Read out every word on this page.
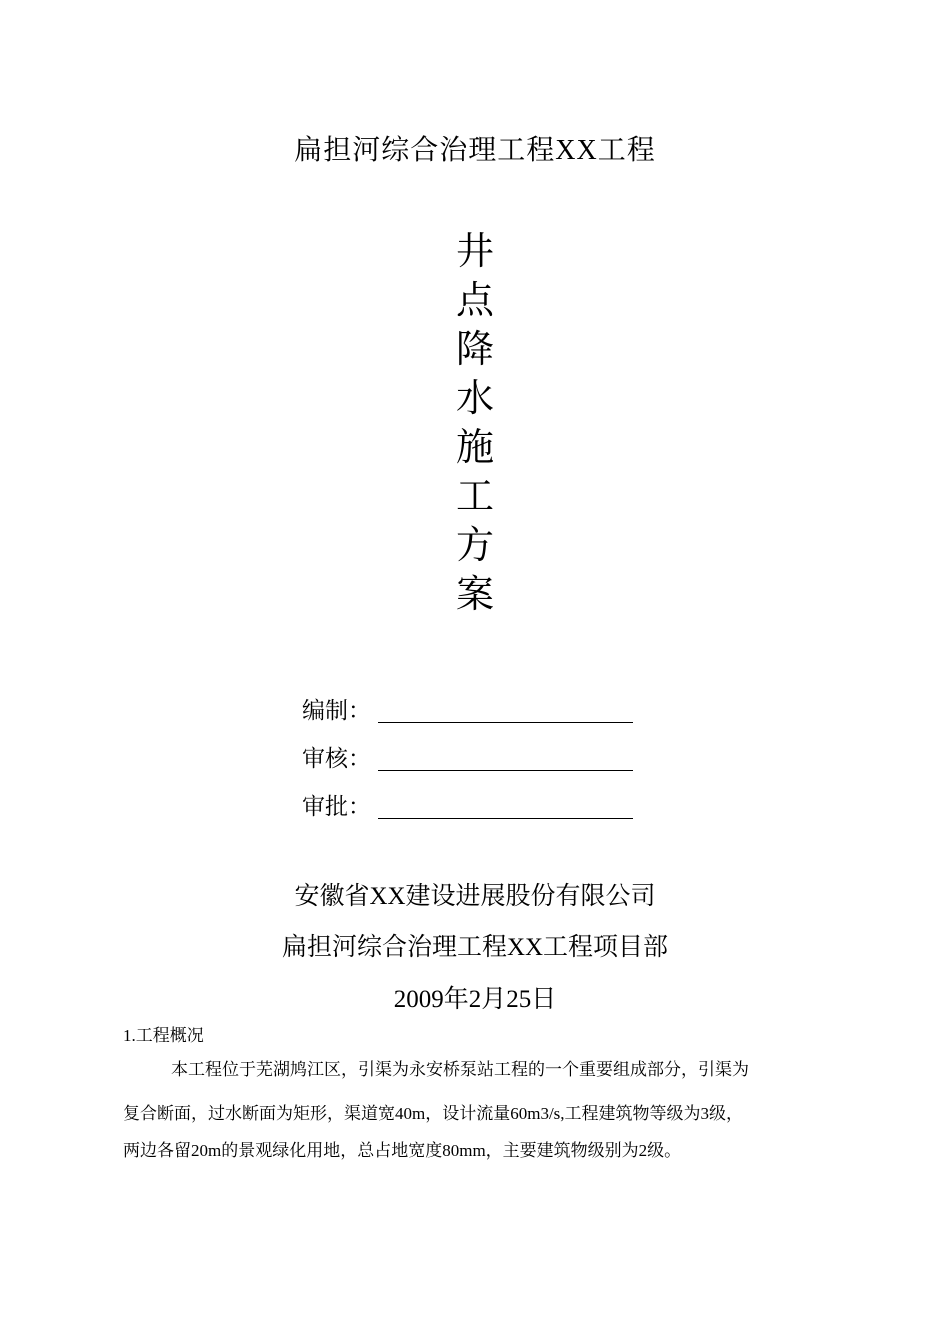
扁担河综合治理工程XX工程
井
点
降
水
施
工
方
案
编制：
审核：
审批：
安徽省XX建设进展股份有限公司
扁担河综合治理工程XX工程项目部
2009年2月25日
1.工程概况
本工程位于芜湖鸠江区，引渠为永安桥泵站工程的一个重要组成部分，引渠为
复合断面，过水断面为矩形，渠道宽40m，设计流量60m3/s,工程建筑物等级为3级，
两边各留20m的景观绿化用地，总占地宽度80mm，主要建筑物级别为2级。
